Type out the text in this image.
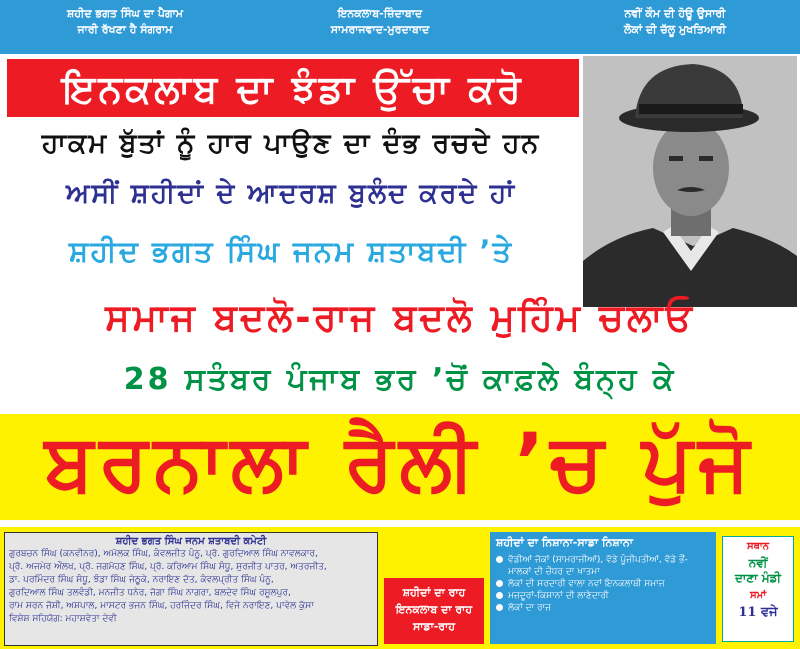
ਸ਼ਹੀਦ ਭਗਤ ਸਿੰਘ ਦਾ ਪੈਗਾਮ
ਜਾਰੀ ਰੱਖਣਾ ਹੈ ਸੰਗਰਾਮ
ਇਨਕਲਾਬ-ਜ਼ਿੰਦਾਬਾਦ
ਸਾਮਰਾਜਵਾਦ-ਮੁਰਦਾਬਾਦ
ਨਵੀਂ ਕੌਮ ਦੀ ਹੋਊ ਉਸਾਰੀ
ਲੋਕਾਂ ਦੀ ਚੱਲੂ ਮੁਖਤਿਆਰੀ
ਇਨਕਲਾਬ ਦਾ ਝੰਡਾ ਉੱਚਾ ਕਰੋ
ਹਾਕਮ ਬੁੱਤਾਂ ਨੂੰ ਹਾਰ ਪਾਉਣ ਦਾ ਦੰਭ ਰਚਦੇ ਹਨ
ਅਸੀਂ ਸ਼ਹੀਦਾਂ ਦੇ ਆਦਰਸ਼ ਬੁਲੰਦ ਕਰਦੇ ਹਾਂ
ਸ਼ਹੀਦ ਭਗਤ ਸਿੰਘ ਜਨਮ ਸ਼ਤਾਬਦੀ ’ਤੇ
ਸਮਾਜ ਬਦਲੋ-ਰਾਜ ਬਦਲੋ ਮੁਹਿੰਮ ਚਲਾਓ
28 ਸਤੰਬਰ ਪੰਜਾਬ ਭਰ ’ਚੋਂ ਕਾਫ਼ਲੇ ਬੰਨ੍ਹ ਕੇ
ਬਰਨਾਲਾ ਰੈਲੀ ’ਚ ਪੁੱਜੋ
ਸ਼ਹੀਦ ਭਗਤ ਸਿੰਘ ਜਨਮ ਸ਼ਤਾਬਦੀ ਕਮੇਟੀ
ਗੁਰਬਚਨ ਸਿੰਘ (ਕਨਵੀਨਰ), ਅਮੋਲਕ ਸਿੰਘ, ਕੰਵਲਜੀਤ ਪੰਨੂ, ਪ੍ਰੋ. ਗੁਰਦਿਆਲ ਸਿੰਘ ਨਾਵਲਕਾਰ,
ਪ੍ਰੋ. ਅਜਮੇਰ ਔਲਖ, ਪ੍ਰੋ. ਜਗਮੋਹਣ ਸਿੰਘ, ਪ੍ਰੋ. ਕਰਿਆਮ ਸਿੰਘ ਸੰਧੂ, ਸੁਰਜੀਤ ਪਾਤਰ, ਅਤਰਜੀਤ,
ਡਾ. ਪਰਮਿੰਦਰ ਸਿੰਘ ਸੰਧੂ, ਝੰਡਾ ਸਿੰਘ ਜੇਠੂਕੇ, ਨਰਾਇਣ ਦੱਤ, ਕੰਵਲਪ੍ਰੀਤ ਸਿੰਘ ਪੰਨੂ,
ਗੁਰਦਿਆਲ ਸਿੰਘ ਤਲਵੰਡੀ, ਮਨਜੀਤ ਧਨੇਰ, ਜੋਗਾ ਸਿੰਘ ਨਾਗਰਾ, ਬਲਦੇਵ ਸਿੰਘ ਰਸੂਲਪੁਰ,
ਰਾਮ ਸਰਨ ਜੋਸ਼ੀ, ਅਸ਼ਪਾਲ, ਮਾਸਟਰ ਭਜਨ ਸਿੰਘ, ਹਰਜਿੰਦਰ ਸਿੰਘ, ਵਿਜੇ ਨਰਾਇਣ, ਪਾਵੇਲ ਕੁੱਸਾ
ਵਿਸ਼ੇਸ਼ ਸਹਿਯੋਗ: ਮਹਾਸ਼ਵੇਤਾ ਦੇਵੀ
ਸ਼ਹੀਦਾਂ ਦਾ ਰਾਹ
ਇਨਕਲਾਬ ਦਾ ਰਾਹ
ਸਾਡਾ-ਰਾਹ
ਸ਼ਹੀਦਾਂ ਦਾ ਨਿਸ਼ਾਨਾ-ਸਾਡਾ ਨਿਸ਼ਾਨਾ
ਵੱਡੀਆਂ ਜੋਕਾਂ (ਸਾਮਰਾਜੀਆਂ), ਵੱਡੇ ਪੂੰਜੀਪਤੀਆਂ, ਵੱਡੇ ਭੌਂ-ਮਾਲਕਾਂ ਦੀ ਚੌਧਰ ਦਾ ਖ਼ਾਤਮਾ
ਲੋਕਾਂ ਦੀ ਸਰਦਾਰੀ ਵਾਲਾ ਨਵਾਂ ਇਨਕਲਾਬੀ ਸਮਾਜ
ਮਜ਼ਦੂਰਾਂ-ਕਿਸਾਨਾਂ ਦੀ ਲਾਣੇਦਾਰੀ
ਲੋਕਾਂ ਦਾ ਰਾਜ
ਸਥਾਨ
ਨਵੀਂ
ਦਾਣਾ ਮੰਡੀ
ਸਮਾਂ
11 ਵਜੇ
